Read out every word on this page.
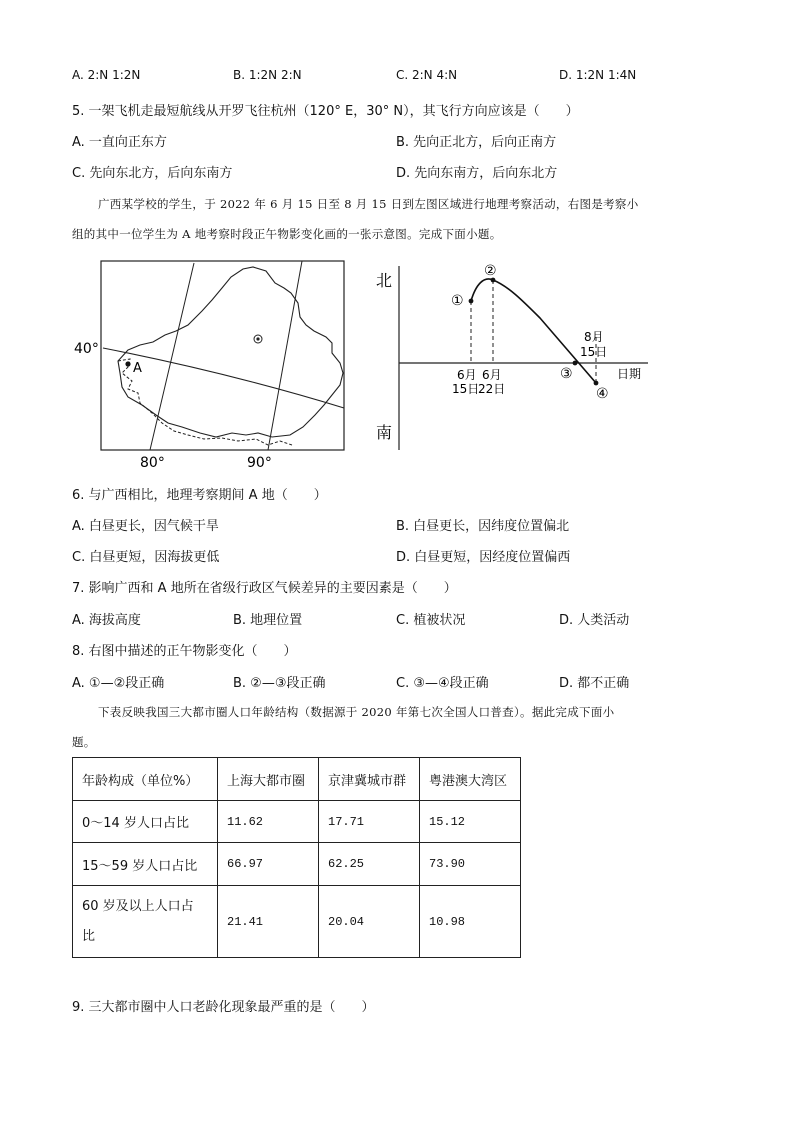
A. 2:N 1:2N	B. 1:2N 2:N	C. 2:N 4:N	D. 1:2N 1:4N
5. 一架飞机走最短航线从开罗飞往杭州（120° E，30° N），其飞行方向应该是（　　）
A. 一直向正东方	B. 先向正北方，后向正南方
C. 先向东北方，后向东南方	D. 先向东南方，后向东北方
广西某学校的学生，于 2022 年 6 月 15 日至 8 月 15 日到左图区域进行地理考察活动，右图是考察小
组的其中一位学生为 A 地考察时段正午物影变化画的一张示意图。完成下面小题。
A
40°
80°	90°
北
南
日期
①
②
③
④
6月
15日
6月
22日
8月
15日
6. 与广西相比，地理考察期间 A 地（　　）
A. 白昼更长，因气候干旱	B. 白昼更长，因纬度位置偏北
C. 白昼更短，因海拔更低	D. 白昼更短，因经度位置偏西
7. 影响广西和 A 地所在省级行政区气候差异的主要因素是（　　）
A. 海拔高度	B. 地理位置	C. 植被状况	D. 人类活动
8. 右图中描述的正午物影变化（　　）
A. ①—②段正确	B. ②—③段正确	C. ③—④段正确	D. 都不正确
下表反映我国三大都市圈人口年龄结构（数据源于 2020 年第七次全国人口普查）。据此完成下面小
题。
年龄构成（单位%）	上海大都市圈	京津冀城市群	粤港澳大湾区
0～14 岁人口占比	11.62	17.71	15.12
15～59 岁人口占比	66.97	62.25	73.90
60 岁及以上人口占
比	21.41	20.04	10.98
9. 三大都市圈中人口老龄化现象最严重的是（　　）
